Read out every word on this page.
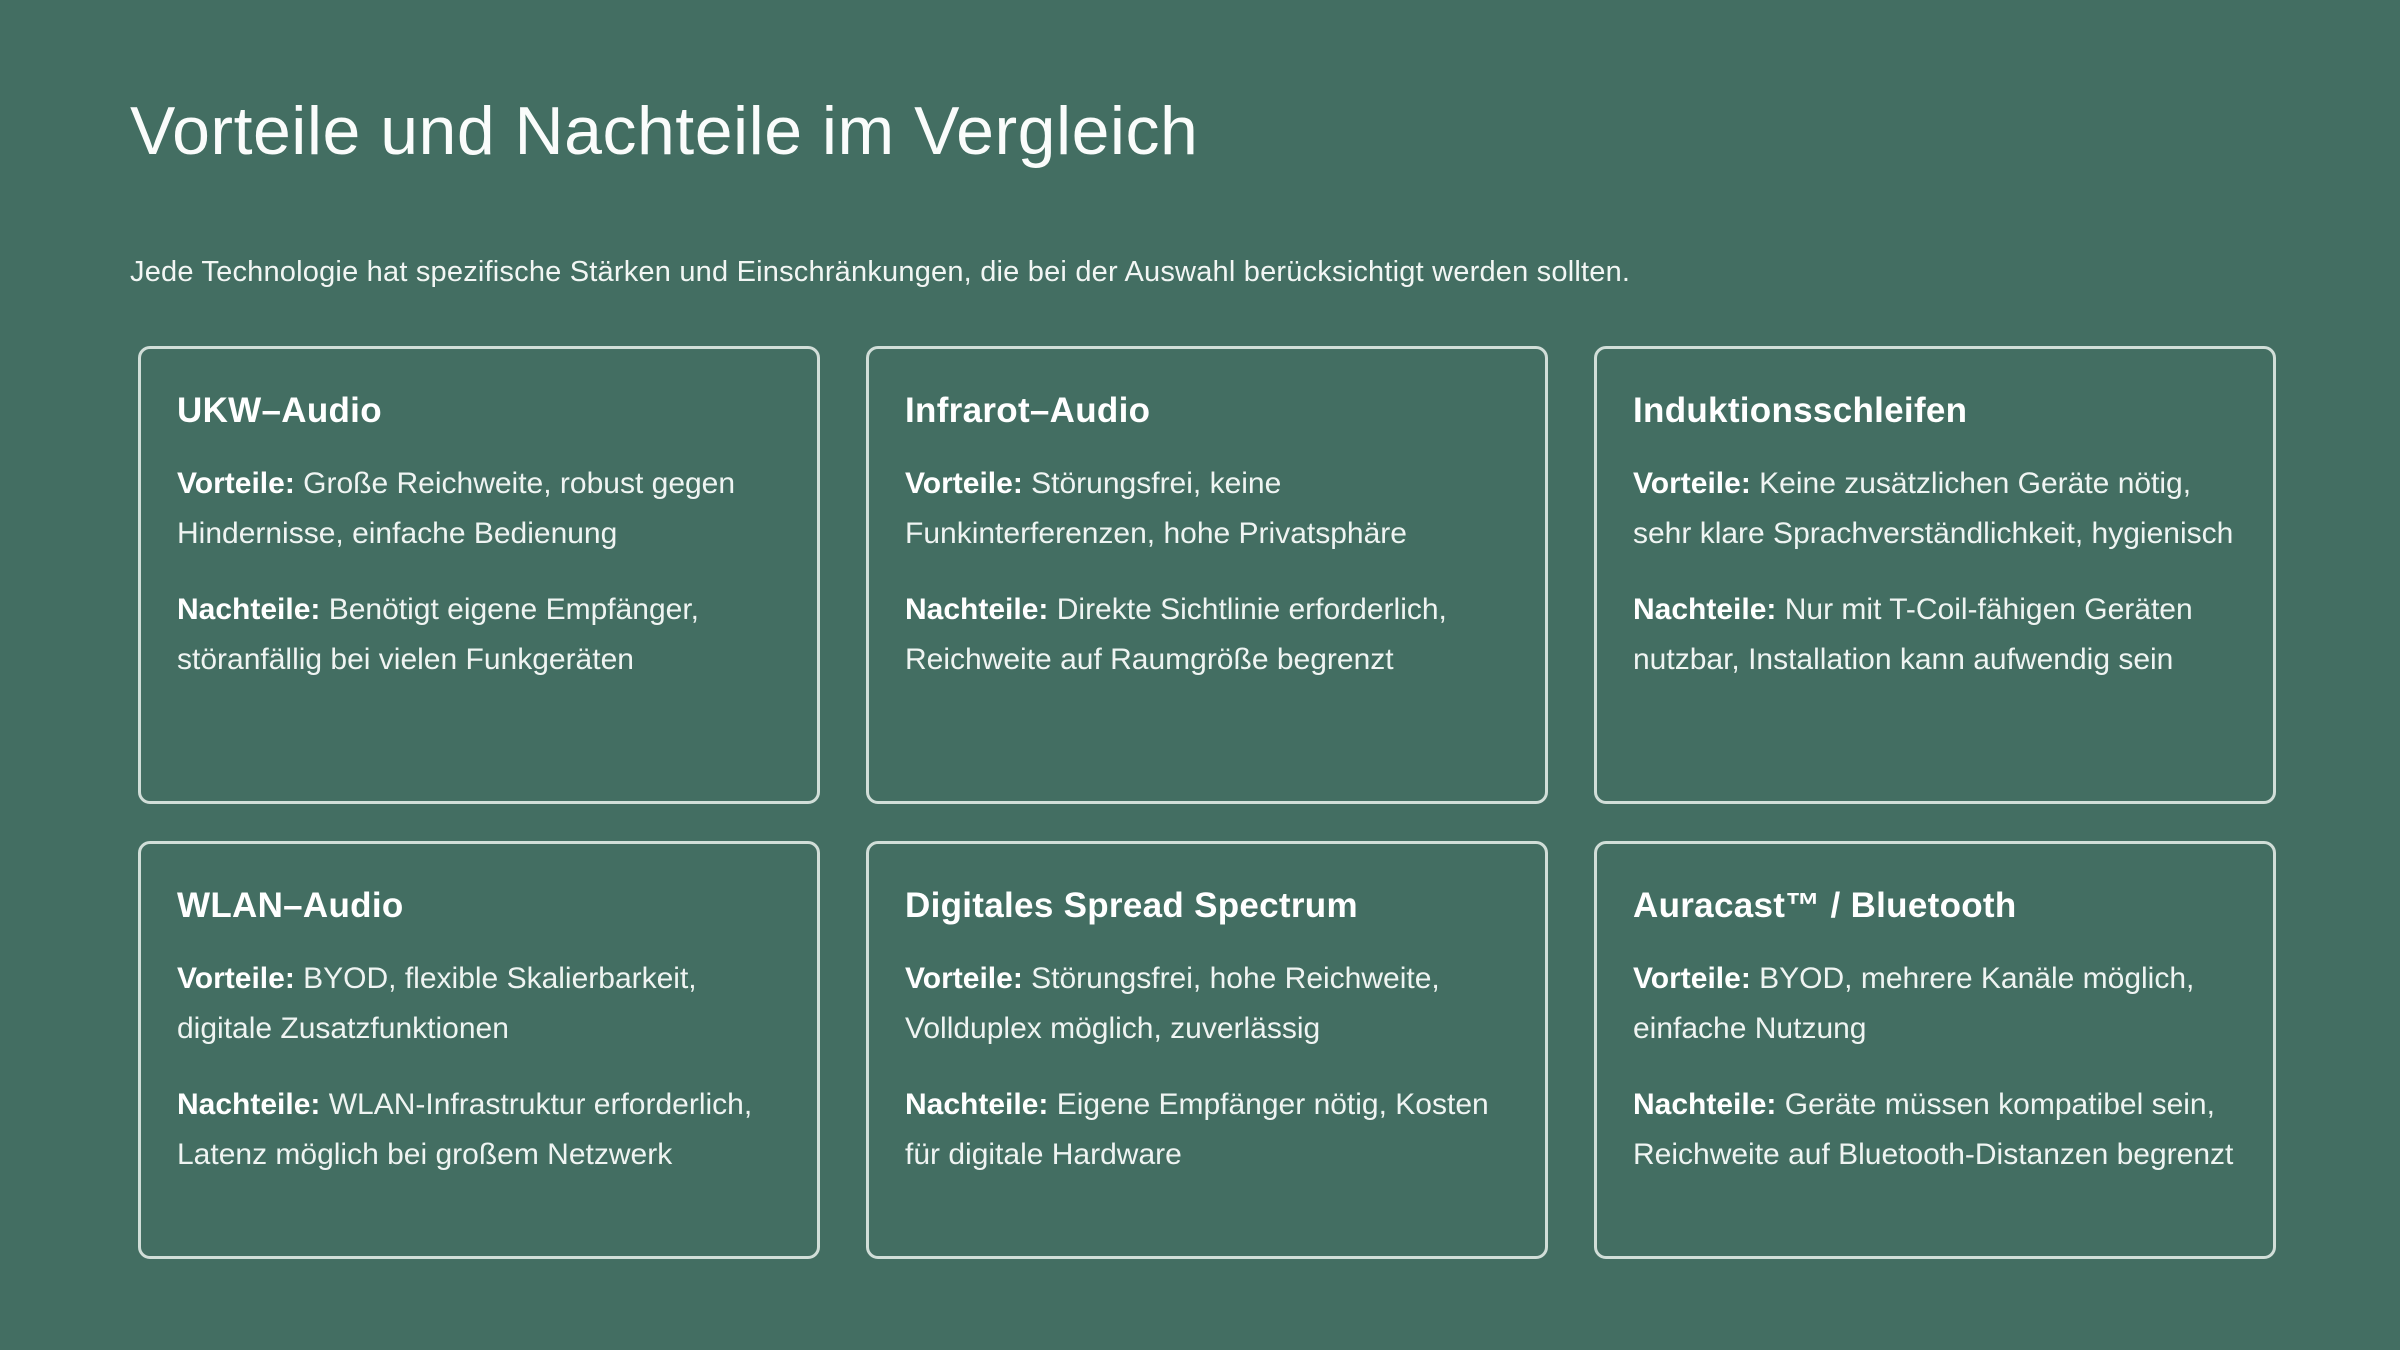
Vorteile und Nachteile im Vergleich

Jede Technologie hat spezifische Stärken und Einschränkungen, die bei der Auswahl berücksichtigt werden sollten.

UKW–Audio

Vorteile: Große Reichweite, robust gegen Hindernisse, einfache Bedienung

Nachteile: Benötigt eigene Empfänger, störanfällig bei vielen Funkgeräten

Infrarot–Audio

Vorteile: Störungsfrei, keine Funkinterferenzen, hohe Privatsphäre

Nachteile: Direkte Sichtlinie erforderlich, Reichweite auf Raumgröße begrenzt

Induktionsschleifen

Vorteile: Keine zusätzlichen Geräte nötig, sehr klare Sprachverständlichkeit, hygienisch

Nachteile: Nur mit T-Coil-fähigen Geräten nutzbar, Installation kann aufwendig sein

WLAN–Audio

Vorteile: BYOD, flexible Skalierbarkeit, digitale Zusatzfunktionen

Nachteile: WLAN-Infrastruktur erforderlich, Latenz möglich bei großem Netzwerk

Digitales Spread Spectrum

Vorteile: Störungsfrei, hohe Reichweite, Vollduplex möglich, zuverlässig

Nachteile: Eigene Empfänger nötig, Kosten für digitale Hardware

Auracast™ / Bluetooth

Vorteile: BYOD, mehrere Kanäle möglich, einfache Nutzung

Nachteile: Geräte müssen kompatibel sein, Reichweite auf Bluetooth-Distanzen begrenzt
